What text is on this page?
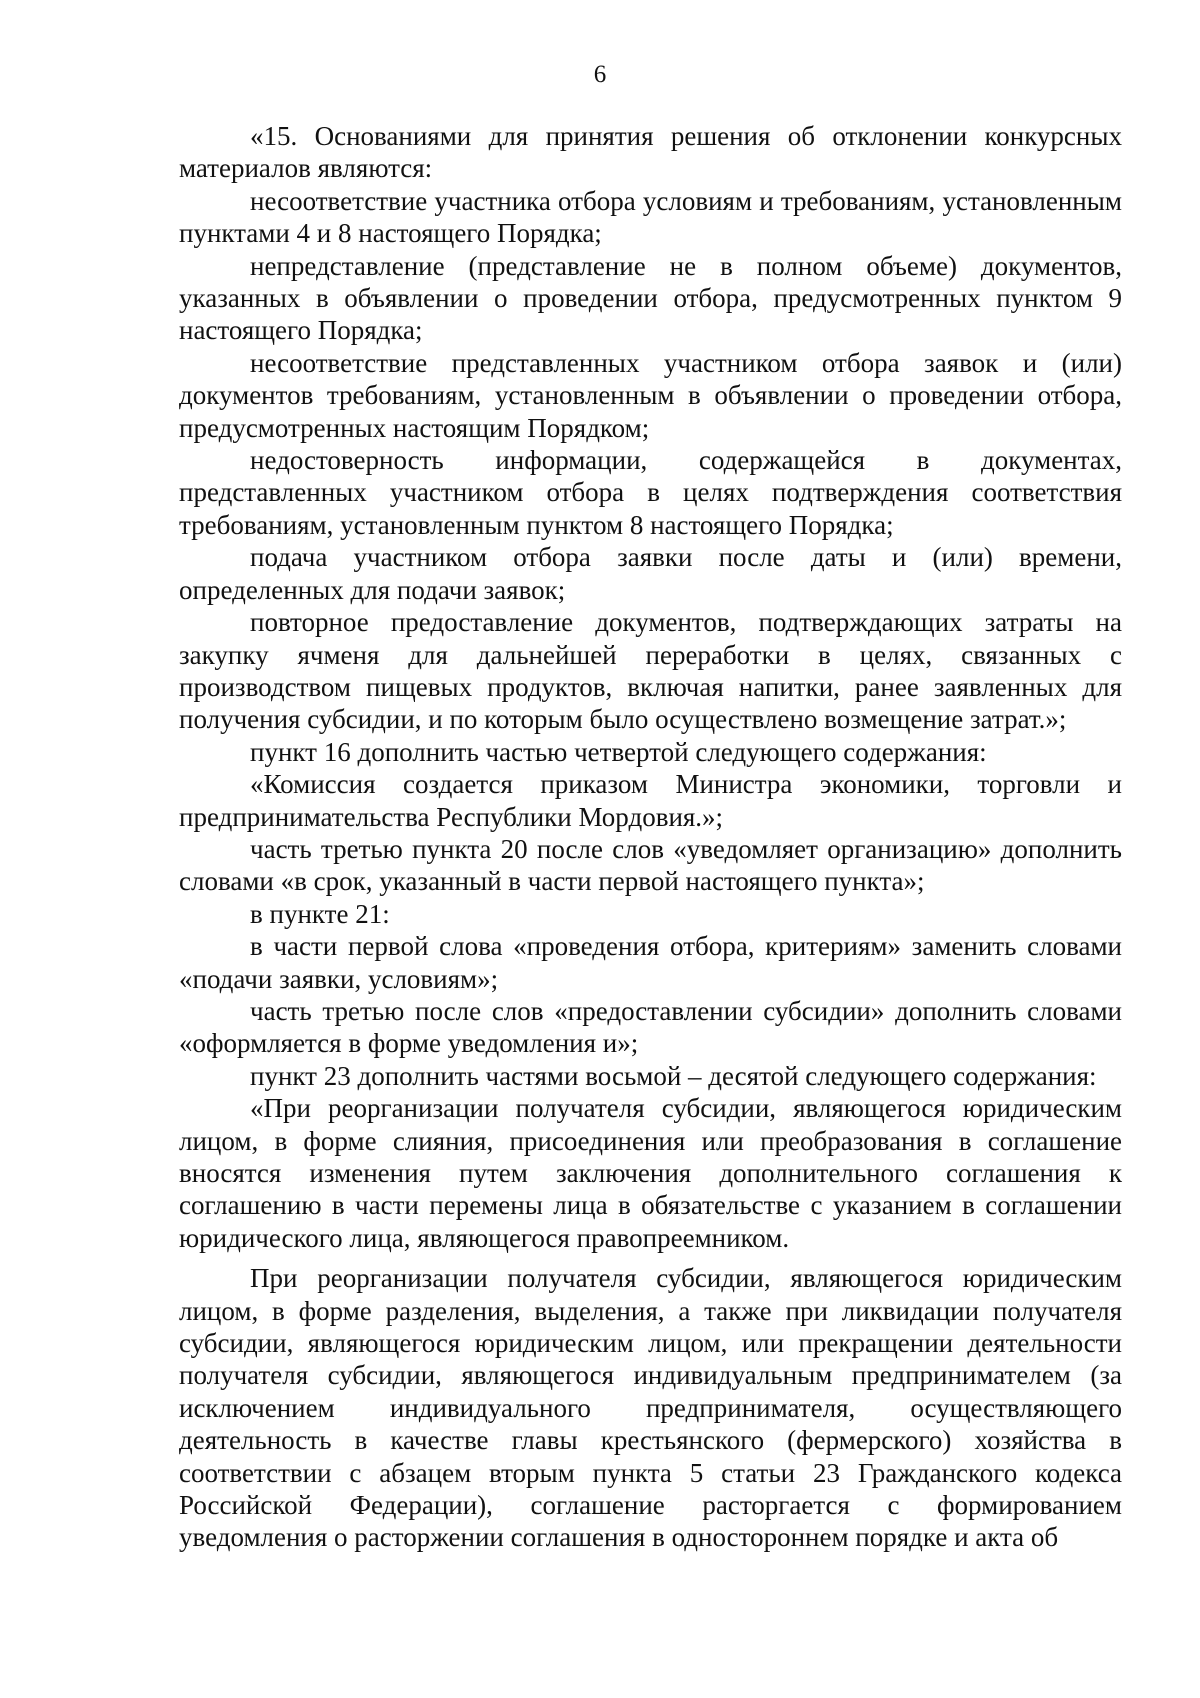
6

«15. Основаниями для принятия решения об отклонении конкурсных материалов являются:

несоответствие участника отбора условиям и требованиям, установленным пунктами 4 и 8 настоящего Порядка;

непредставление (представление не в полном объеме) документов, указанных в объявлении о проведении отбора, предусмотренных пунктом 9 настоящего Порядка;

несоответствие представленных участником отбора заявок и (или) документов требованиям, установленным в объявлении о проведении отбора, предусмотренных настоящим Порядком;

недостоверность информации, содержащейся в документах, представленных участником отбора в целях подтверждения соответствия требованиям, установленным пунктом 8 настоящего Порядка;

подача участником отбора заявки после даты и (или) времени, определенных для подачи заявок;

повторное предоставление документов, подтверждающих затраты на закупку ячменя для дальнейшей переработки в целях, связанных с производством пищевых продуктов, включая напитки, ранее заявленных для получения субсидии, и по которым было осуществлено возмещение затрат.»;

пункт 16 дополнить частью четвертой следующего содержания:

«Комиссия создается приказом Министра экономики, торговли и предпринимательства Республики Мордовия.»;

часть третью пункта 20 после слов «уведомляет организацию» дополнить словами «в срок, указанный в части первой настоящего пункта»;

в пункте 21:

в части первой слова «проведения отбора, критериям» заменить словами «подачи заявки, условиям»;

часть третью после слов «предоставлении субсидии» дополнить словами «оформляется в форме уведомления и»;

пункт 23 дополнить частями восьмой – десятой следующего содержания:

«При реорганизации получателя субсидии, являющегося юридическим лицом, в форме слияния, присоединения или преобразования в соглашение вносятся изменения путем заключения дополнительного соглашения к соглашению в части перемены лица в обязательстве с указанием в соглашении юридического лица, являющегося правопреемником.

При реорганизации получателя субсидии, являющегося юридическим лицом, в форме разделения, выделения, а также при ликвидации получателя субсидии, являющегося юридическим лицом, или прекращении деятельности получателя субсидии, являющегося индивидуальным предпринимателем (за исключением индивидуального предпринимателя, осуществляющего деятельность в качестве главы крестьянского (фермерского) хозяйства в соответствии с абзацем вторым пункта 5 статьи 23 Гражданского кодекса Российской Федерации), соглашение расторгается с формированием уведомления о расторжении соглашения в одностороннем порядке и акта об
